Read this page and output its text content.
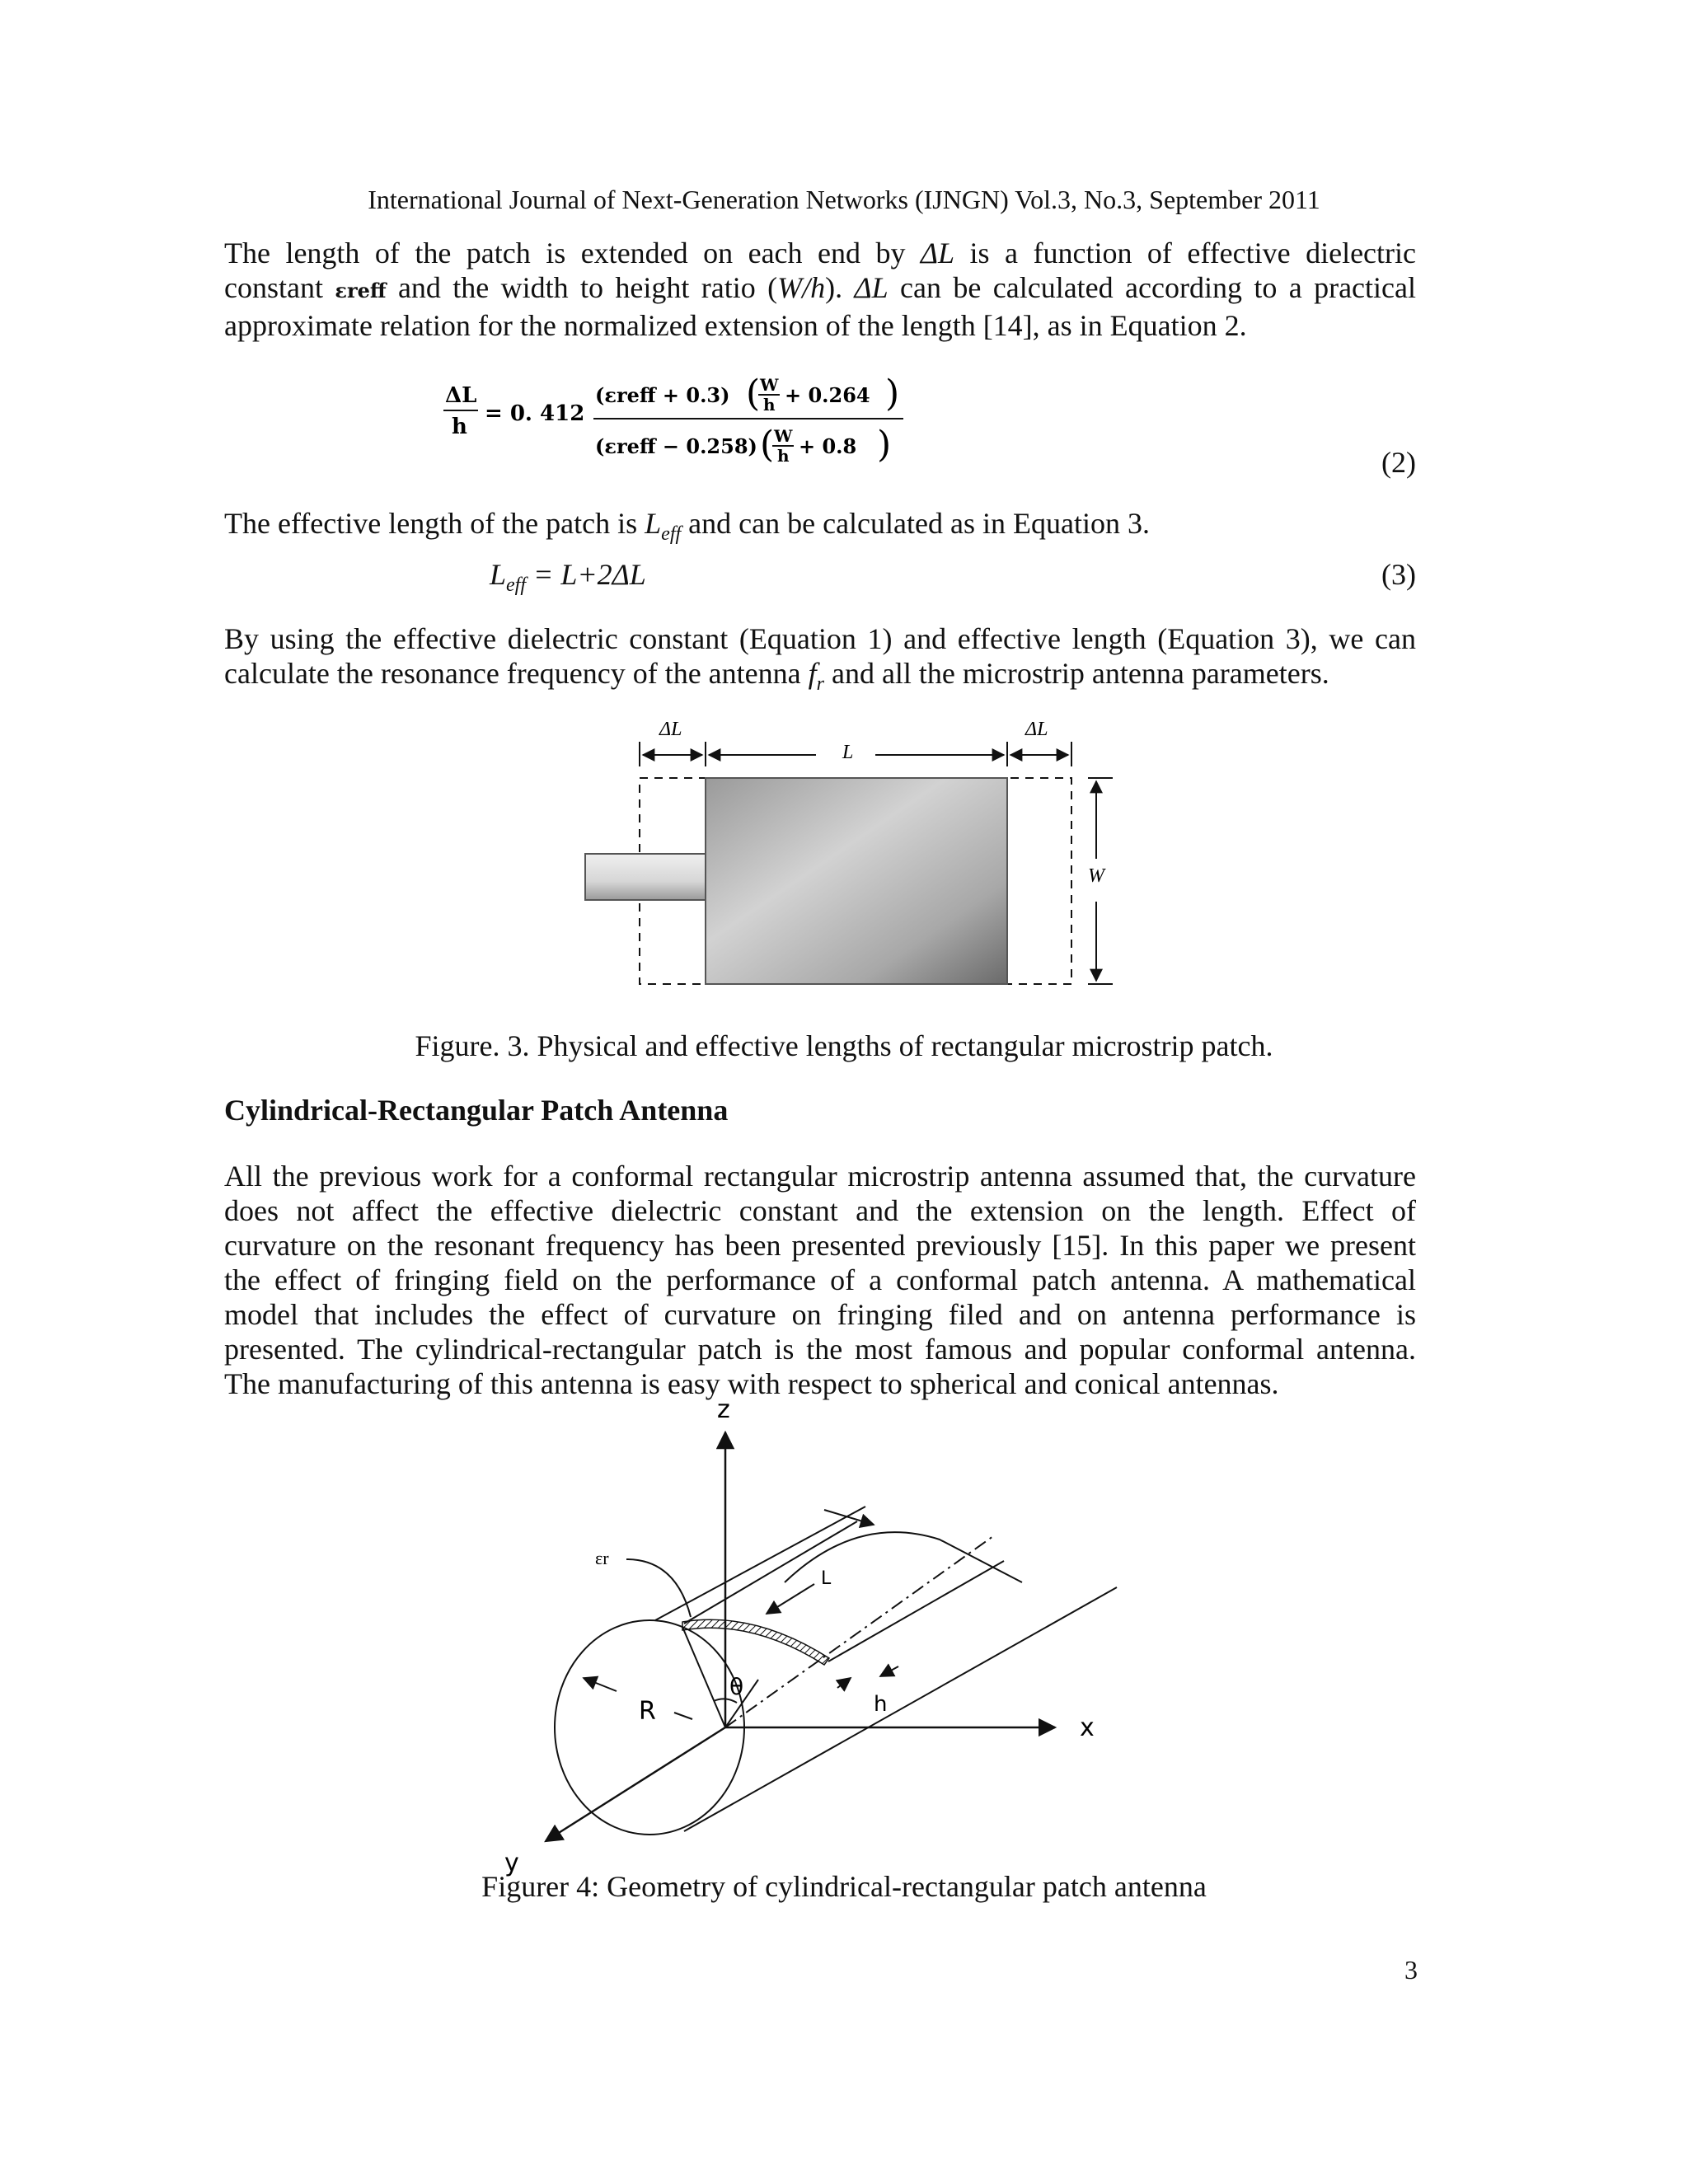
International Journal of Next-Generation Networks (IJNGN) Vol.3, No.3, September 2011
The length of the patch is extended on each end by ΔL is a function of effective dielectric
constant εreff and the width to height ratio (W/h). ΔL can be calculated according to a practical
approximate relation for the normalized extension of the length [14], as in Equation 2.
ΔL
h
= 0. 412
(εreff + 0.3) ( W
h + 0.264 )
(εreff − 0.258) ( W
h + 0.8 )	(2)
The effective length of the patch is $L_{eff}$ and can be calculated as in Equation 3.
$L_{eff} = L+2\Delta L$	(3)
By using the effective dielectric constant (Equation 1) and effective length (Equation 3), we can
calculate the resonance frequency of the antenna $f_r$ and all the microstrip antenna parameters.
ΔL
L
ΔL
W
Figure. 3. Physical and effective lengths of rectangular microstrip patch.
Cylindrical-Rectangular Patch Antenna
All the previous work for a conformal rectangular microstrip antenna assumed that, the curvature
does not affect the effective dielectric constant and the extension on the length. Effect of
curvature on the resonant frequency has been presented previously [15]. In this paper we present
the effect of fringing field on the performance of a conformal patch antenna. A mathematical
model that includes the effect of curvature on fringing filed and on antenna performance is
presented. The cylindrical-rectangular patch is the most famous and popular conformal antenna.
The manufacturing of this antenna is easy with respect to spherical and conical antennas.
z
x
y
θ
R
εr
L
h
Figurer 4: Geometry of cylindrical-rectangular patch antenna
3
